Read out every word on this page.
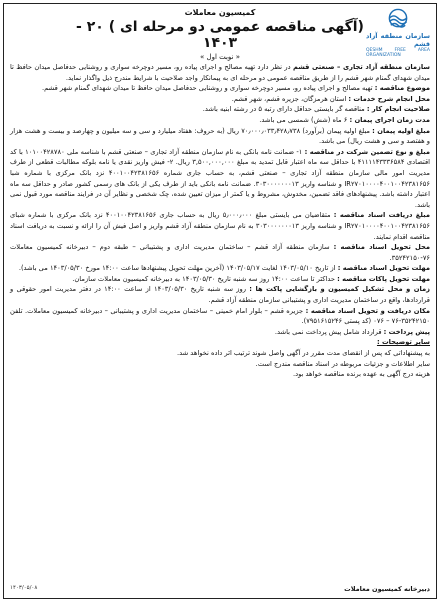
سازمان منطقه آزاد قشم
QESHM FREE AREA ORGANIZATION
کمیسیون معاملات
(آگهی مناقصه عمومی دو مرحله ای ) ۲۰ - ۱۴۰۳
« نوبت اول »

سازمان منطقه آزاد تجاری – صنعتی قشم در نظر دارد تهیه مصالح و اجرای پیاده رو، مسیر دوچرخه سواری و روشنایی حدفاصل میدان حافظ تا میدان شهدای گمنام شهر قشم را از طریق مناقصه عمومی دو مرحله ای به پیمانکار واجد صلاحیت با شرایط مندرج ذیل واگذار نماید.

موضوع مناقصه : تهیه مصالح و اجرای پیاده رو، مسیر دوچرخه سواری و روشنایی حدفاصل میدان حافظ تا میدان شهدای گمنام شهر قشم.

محل انجام شرح خدمات : استان هرمزگان، جزیره قشم، شهر قشم.

صلاحیت انجام کار : مناقصه گر بایستی حداقل دارای رتبه ۵ در رشته ابنیه باشد.

مدت زمان اجرای پیمان : ۶ ماه (شش) شمسی می باشد.

مبلغ اولیه پیمان : مبلغ اولیه پیمان (برآورد) ۷۰٫۰۰۰٫۰۳۳٫۴۲۸٫۷۳۸ ریال (به حروف: هفتاد میلیارد و سی و سه میلیون و چهارصد و بیست و هشت هزار و هفتصد و سی و هشت ریال) می باشد.

مبلغ و نوع تضمین شرکت در مناقصه : ۱- ضمانت نامه بانکی به نام سازمان منطقه آزاد تجاری – صنعتی قشم با شناسه ملی ۱۰۱۰۰۴۲۸۷۸۰ با کد اقتصادی ۴۱۱۱۱۴۳۳۳۶۵۸۴ با حداقل سه ماه اعتبار قابل تمدید به مبلغ ۳,۵۰۰,۰۰۰,۰۰۰ ریال. ۲- فیش واریز نقدی یا نامه بلوکه مطالبات قطعی از طرف مدیریت امور مالی سازمان منطقه آزاد تجاری – صنعتی قشم، به حساب جاری شماره ۴۰۰۱۰۰۴۲۳۸۱۶۵۶ نزد بانک مرکزی با شماره شبا IR۲۷۰۱۰۰۰۰۴۰۰۱۰۰۴۲۳۸۱۶۵۶ و شناسه واریز ۳۰۳۰۰۰۰۰۰۰۱۳. ضمانت نامه بانکی باید از طرف یکی از بانک های رسمی کشور صادر و حداقل سه ماه اعتبار داشته باشد. پیشنهادهای فاقد تضمین، مخدوش، مشروط و یا کمتر از میزان تعیین شده، چک شخصی و نظایر آن در فرایند مناقصه مورد قبول نمی باشد.

مبلغ دریافت اسناد مناقصه : متقاضیان می بایستی مبلغ ۵٫۰۰۰٫۰۰۰ ریال به حساب جاری ۴۰۰۱۰۰۴۲۳۸۱۶۵۶ نزد بانک مرکزی با شماره شبای IR۲۷۰۱۰۰۰۰۴۰۰۱۰۰۴۲۳۸۱۶۵۶ و شناسه واریز ۳۰۳۰۰۰۰۰۰۰۱۳ به نام سازمان منطقه آزاد قشم واریز و اصل فیش آن را ارائه و نسبت به دریافت اسناد مناقصه اقدام نمایند.

محل تحویل اسناد مناقصه : سازمان منطقه آزاد قشم – ساختمان مدیریت اداری و پشتیبانی – طبقه دوم – دبیرخانه کمیسیون معاملات ۷۶-۳۵۲۴۲۱۵۰.

مهلت تحویل اسناد مناقصه : از تاریخ ۱۴۰۳/۰۵/۱۰ لغایت ۱۴۰۳/۰۵/۱۷ (آخرین مهلت تحویل پیشنهادها ساعت ۱۴:۰۰ مورخ ۱۴۰۳/۰۵/۳۰ می باشد).

مهلت تحویل پاکات مناقصه : حداکثر تا ساعت ۱۴:۰۰ روز سه شنبه تاریخ ۱۴۰۳/۰۵/۳۰ به دبیرخانه کمیسیون معاملات سازمان.

زمان و محل تشکیل کمیسیون و بازگشایی پاکت ها : روز سه شنبه تاریخ ۱۴۰۳/۰۵/۳۰ از ساعت ۱۴:۰۰ در دفتر مدیریت امور حقوقی و قراردادها، واقع در ساختمان مدیریت اداری و پشتیبانی سازمان منطقه آزاد قشم.

مکان دریافت و تحویل اسناد مناقصه : جزیره قشم – بلوار امام خمینی – ساختمان مدیریت اداری و پشتیبانی – دبیرخانه کمیسیون معاملات. تلفن ۳۵۲۴۲۱۵۰-۷۶ – ۰۷۶ (کد پستی ۷۹۵۱۶۱۵۲۴۶).

پیش پرداخت : قرارداد شامل پیش پرداخت نمی باشد.

سایر توضیحات :

به پیشنهاداتی که پس از انقضای مدت مقرر در آگهی واصل شوند ترتیب اثر داده نخواهد شد.

سایر اطلاعات و جزئیات مربوطه در اسناد مناقصه مندرج است.

هزینه درج آگهی به عهده برنده مناقصه خواهد بود.

دبیرخانه کمیسیون معاملات
۱۴۰۳/۰۵/۰۸
